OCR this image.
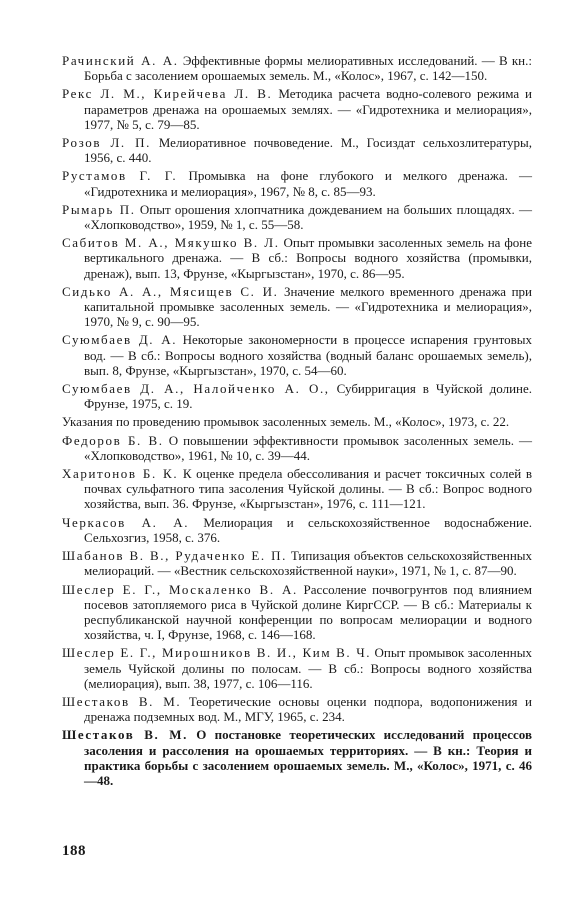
Рачинский А. А. Эффективные формы мелиоративных исследований. — В кн.: Борьба с засолением орошаемых земель. М., «Колос», 1967, с. 142—150.

Рекс Л. М., Кирейчева Л. В. Методика расчета водно-солевого режима и параметров дренажа на орошаемых землях. — «Гидротехника и мелиорация», 1977, № 5, с. 79—85.

Розов Л. П. Мелиоративное почвоведение. М., Госиздат сельхозлитературы, 1956, с. 440.

Рустамов Г. Г. Промывка на фоне глубокого и мелкого дренажа. — «Гидротехника и мелиорация», 1967, № 8, с. 85—93.

Рымарь П. Опыт орошения хлопчатника дождеванием на больших площадях. — «Хлопководство», 1959, № 1, с. 55—58.

Сабитов М. А., Мякушко В. Л. Опыт промывки засоленных земель на фоне вертикального дренажа. — В сб.: Вопросы водного хозяйства (промывки, дренаж), вып. 13, Фрунзе, «Кыргызстан», 1970, с. 86—95.

Сидько А. А., Мясищев С. И. Значение мелкого временного дренажа при капитальной промывке засоленных земель. — «Гидротехника и мелиорация», 1970, № 9, с. 90—95.

Суюмбаев Д. А. Некоторые закономерности в процессе испарения грунтовых вод. — В сб.: Вопросы водного хозяйства (водный баланс орошаемых земель), вып. 8, Фрунзе, «Кыргызстан», 1970, с. 54—60.

Суюмбаев Д. А., Налойченко А. О., Субирригация в Чуйской долине. Фрунзе, 1975, с. 19.

Указания по проведению промывок засоленных земель. М., «Колос», 1973, с. 22.

Федоров Б. В. О повышении эффективности промывок засоленных земель. — «Хлопководство», 1961, № 10, с. 39—44.

Харитонов Б. К. К оценке предела обессоливания и расчет токсичных солей в почвах сульфатного типа засоления Чуйской долины. — В сб.: Вопрос водного хозяйства, вып. 36. Фрунзе, «Кыргызстан», 1976, с. 111—121.

Черкасов А. А. Мелиорация и сельскохозяйственное водоснабжение. Сельхозгиз, 1958, с. 376.

Шабанов В. В., Рудаченко Е. П. Типизация объектов сельскохозяйственных мелиораций. — «Вестник сельскохозяйственной науки», 1971, № 1, с. 87—90.

Шеслер Е. Г., Москаленко В. А. Рассоление почвогрунтов под влиянием посевов затопляемого риса в Чуйской долине КиргССР. — В сб.: Материалы к республиканской научной конференции по вопросам мелиорации и водного хозяйства, ч. I, Фрунзе, 1968, с. 146—168.

Шеслер Е. Г., Мирошников В. И., Ким В. Ч. Опыт промывок засоленных земель Чуйской долины по полосам. — В сб.: Вопросы водного хозяйства (мелиорация), вып. 38, 1977, с. 106—116.

Шестаков В. М. Теоретические основы оценки подпора, водопонижения и дренажа подземных вод. М., МГУ, 1965, с. 234.

Шестаков В. М. О постановке теоретических исследований процессов засоления и рассоления на орошаемых территориях. — В кн.: Теория и практика борьбы с засолением орошаемых земель. М., «Колос», 1971, с. 46—48.

188
